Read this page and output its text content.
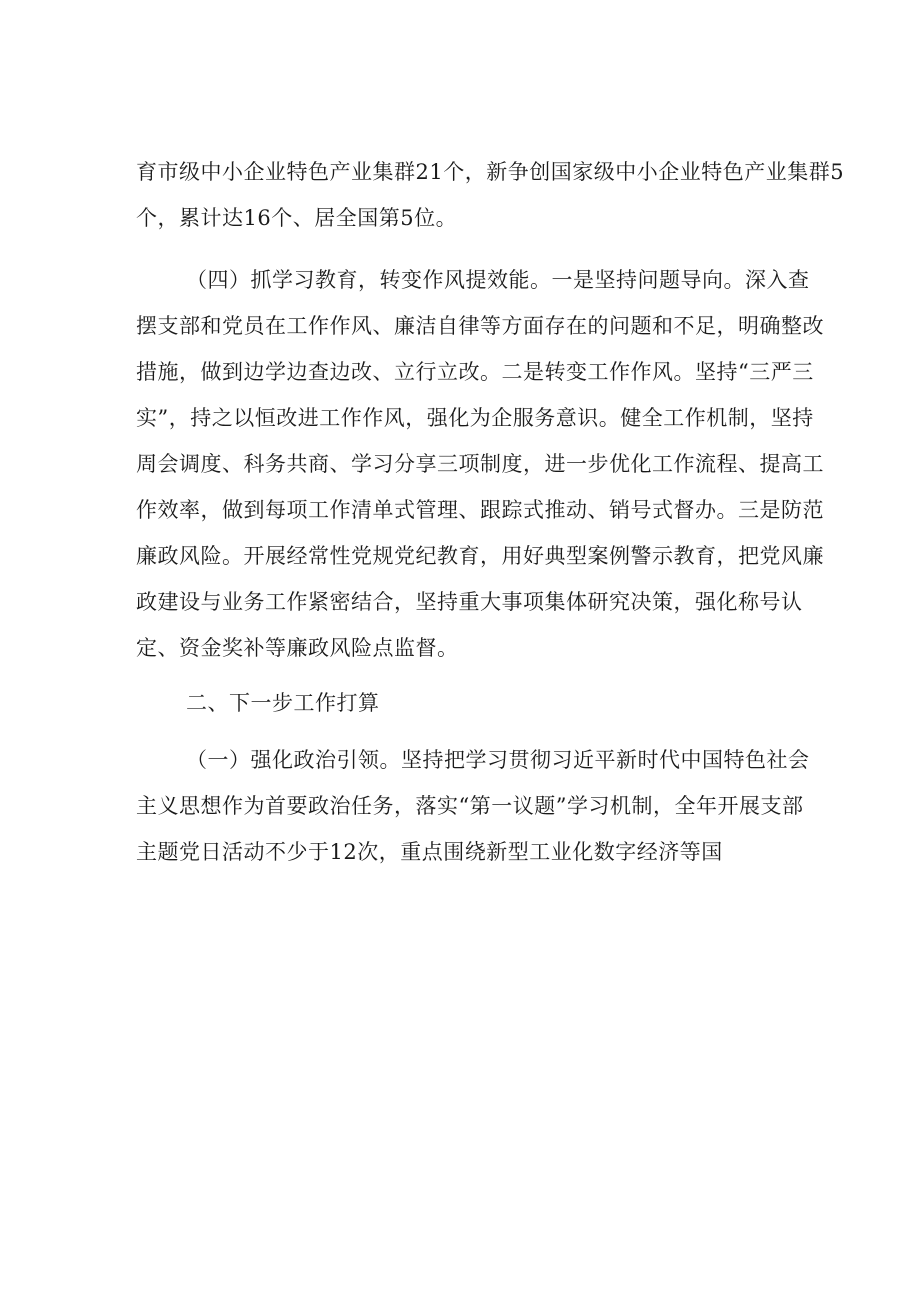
育市级中小企业特色产业集群21个，新争创国家级中小企业特色产业集群5
个，累计达16个、居全国第5位。
（四）抓学习教育，转变作风提效能。一是坚持问题导向。深入查
摆支部和党员在工作作风、廉洁自律等方面存在的问题和不足，明确整改
措施，做到边学边查边改、立行立改。二是转变工作作风。坚持“三严三
实”，持之以恒改进工作作风，强化为企服务意识。健全工作机制，坚持
周会调度、科务共商、学习分享三项制度，进一步优化工作流程、提高工
作效率，做到每项工作清单式管理、跟踪式推动、销号式督办。三是防范
廉政风险。开展经常性党规党纪教育，用好典型案例警示教育，把党风廉
政建设与业务工作紧密结合，坚持重大事项集体研究决策，强化称号认
定、资金奖补等廉政风险点监督。
二、下一步工作打算
（一）强化政治引领。坚持把学习贯彻习近平新时代中国特色社会
主义思想作为首要政治任务，落实“第一议题”学习机制，全年开展支部
主题党日活动不少于12次，重点围绕新型工业化数字经济等国
